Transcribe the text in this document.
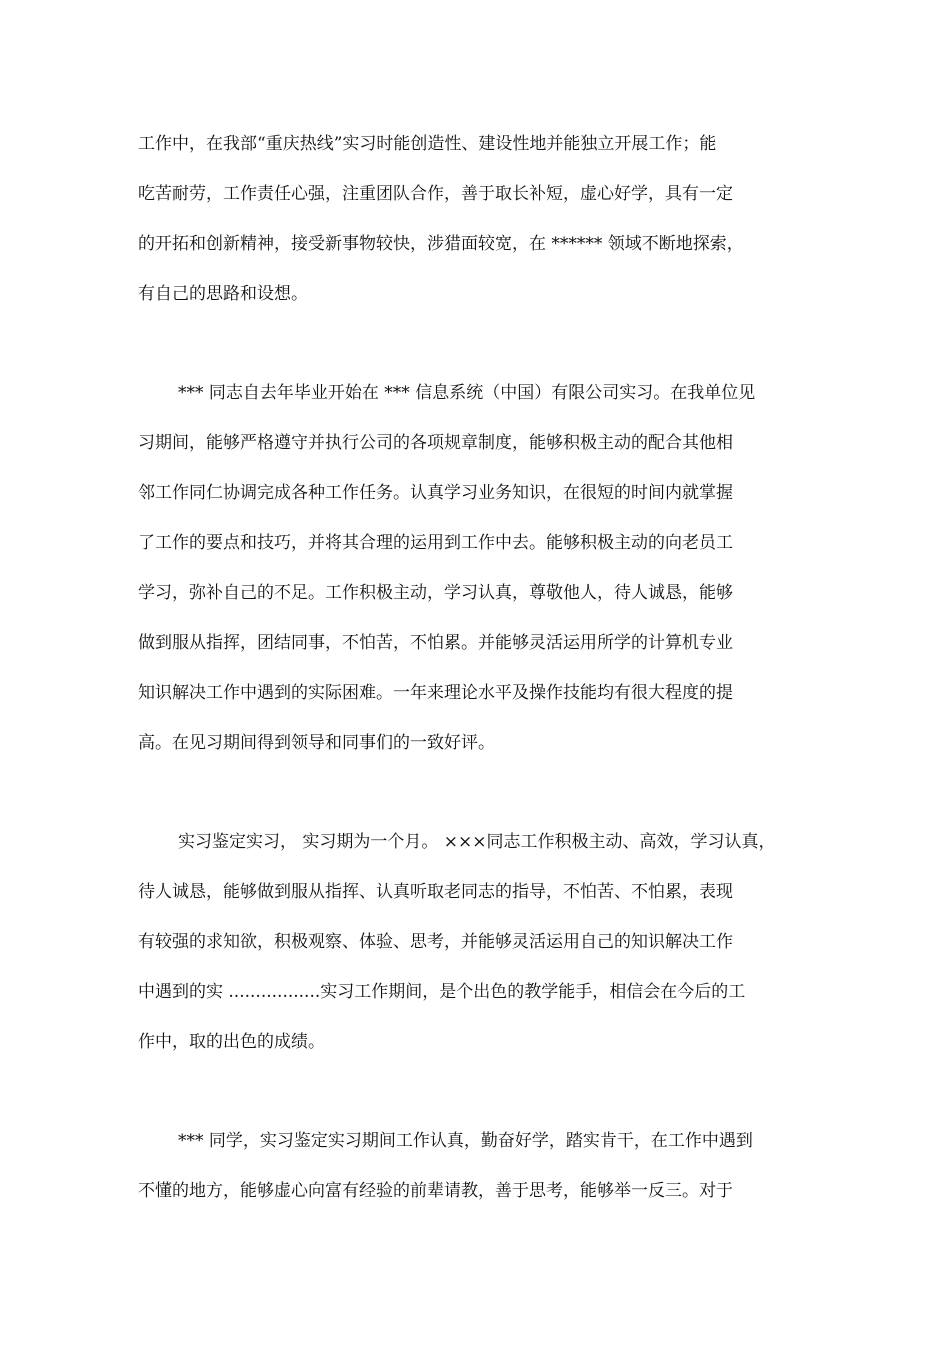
工作中，在我部“重庆热线”实习时能创造性、建设性地并能独立开展工作；能
吃苦耐劳，工作责任心强，注重团队合作，善于取长补短，虚心好学，具有一定
的开拓和创新精神，接受新事物较快，涉猎面较宽，在 ****** 领域不断地探索，
有自己的思路和设想。
*** 同志自去年毕业开始在 *** 信息系统（中国）有限公司实习。在我单位见
习期间，能够严格遵守并执行公司的各项规章制度，能够积极主动的配合其他相
邻工作同仁协调完成各种工作任务。认真学习业务知识，在很短的时间内就掌握
了工作的要点和技巧，并将其合理的运用到工作中去。能够积极主动的向老员工
学习，弥补自己的不足。工作积极主动，学习认真，尊敬他人，待人诚恳，能够
做到服从指挥，团结同事，不怕苦，不怕累。并能够灵活运用所学的计算机专业
知识解决工作中遇到的实际困难。一年来理论水平及操作技能均有很大程度的提
高。在见习期间得到领导和同事们的一致好评。
实习鉴定实习， 实习期为一个月。 ×××同志工作积极主动、高效，学习认真，
待人诚恳，能够做到服从指挥、认真听取老同志的指导，不怕苦、不怕累，表现
有较强的求知欲，积极观察、体验、思考，并能够灵活运用自己的知识解决工作
中遇到的实 .................实习工作期间，是个出色的教学能手，相信会在今后的工
作中，取的出色的成绩。
*** 同学，实习鉴定实习期间工作认真，勤奋好学，踏实肯干，在工作中遇到
不懂的地方，能够虚心向富有经验的前辈请教，善于思考，能够举一反三。对于
